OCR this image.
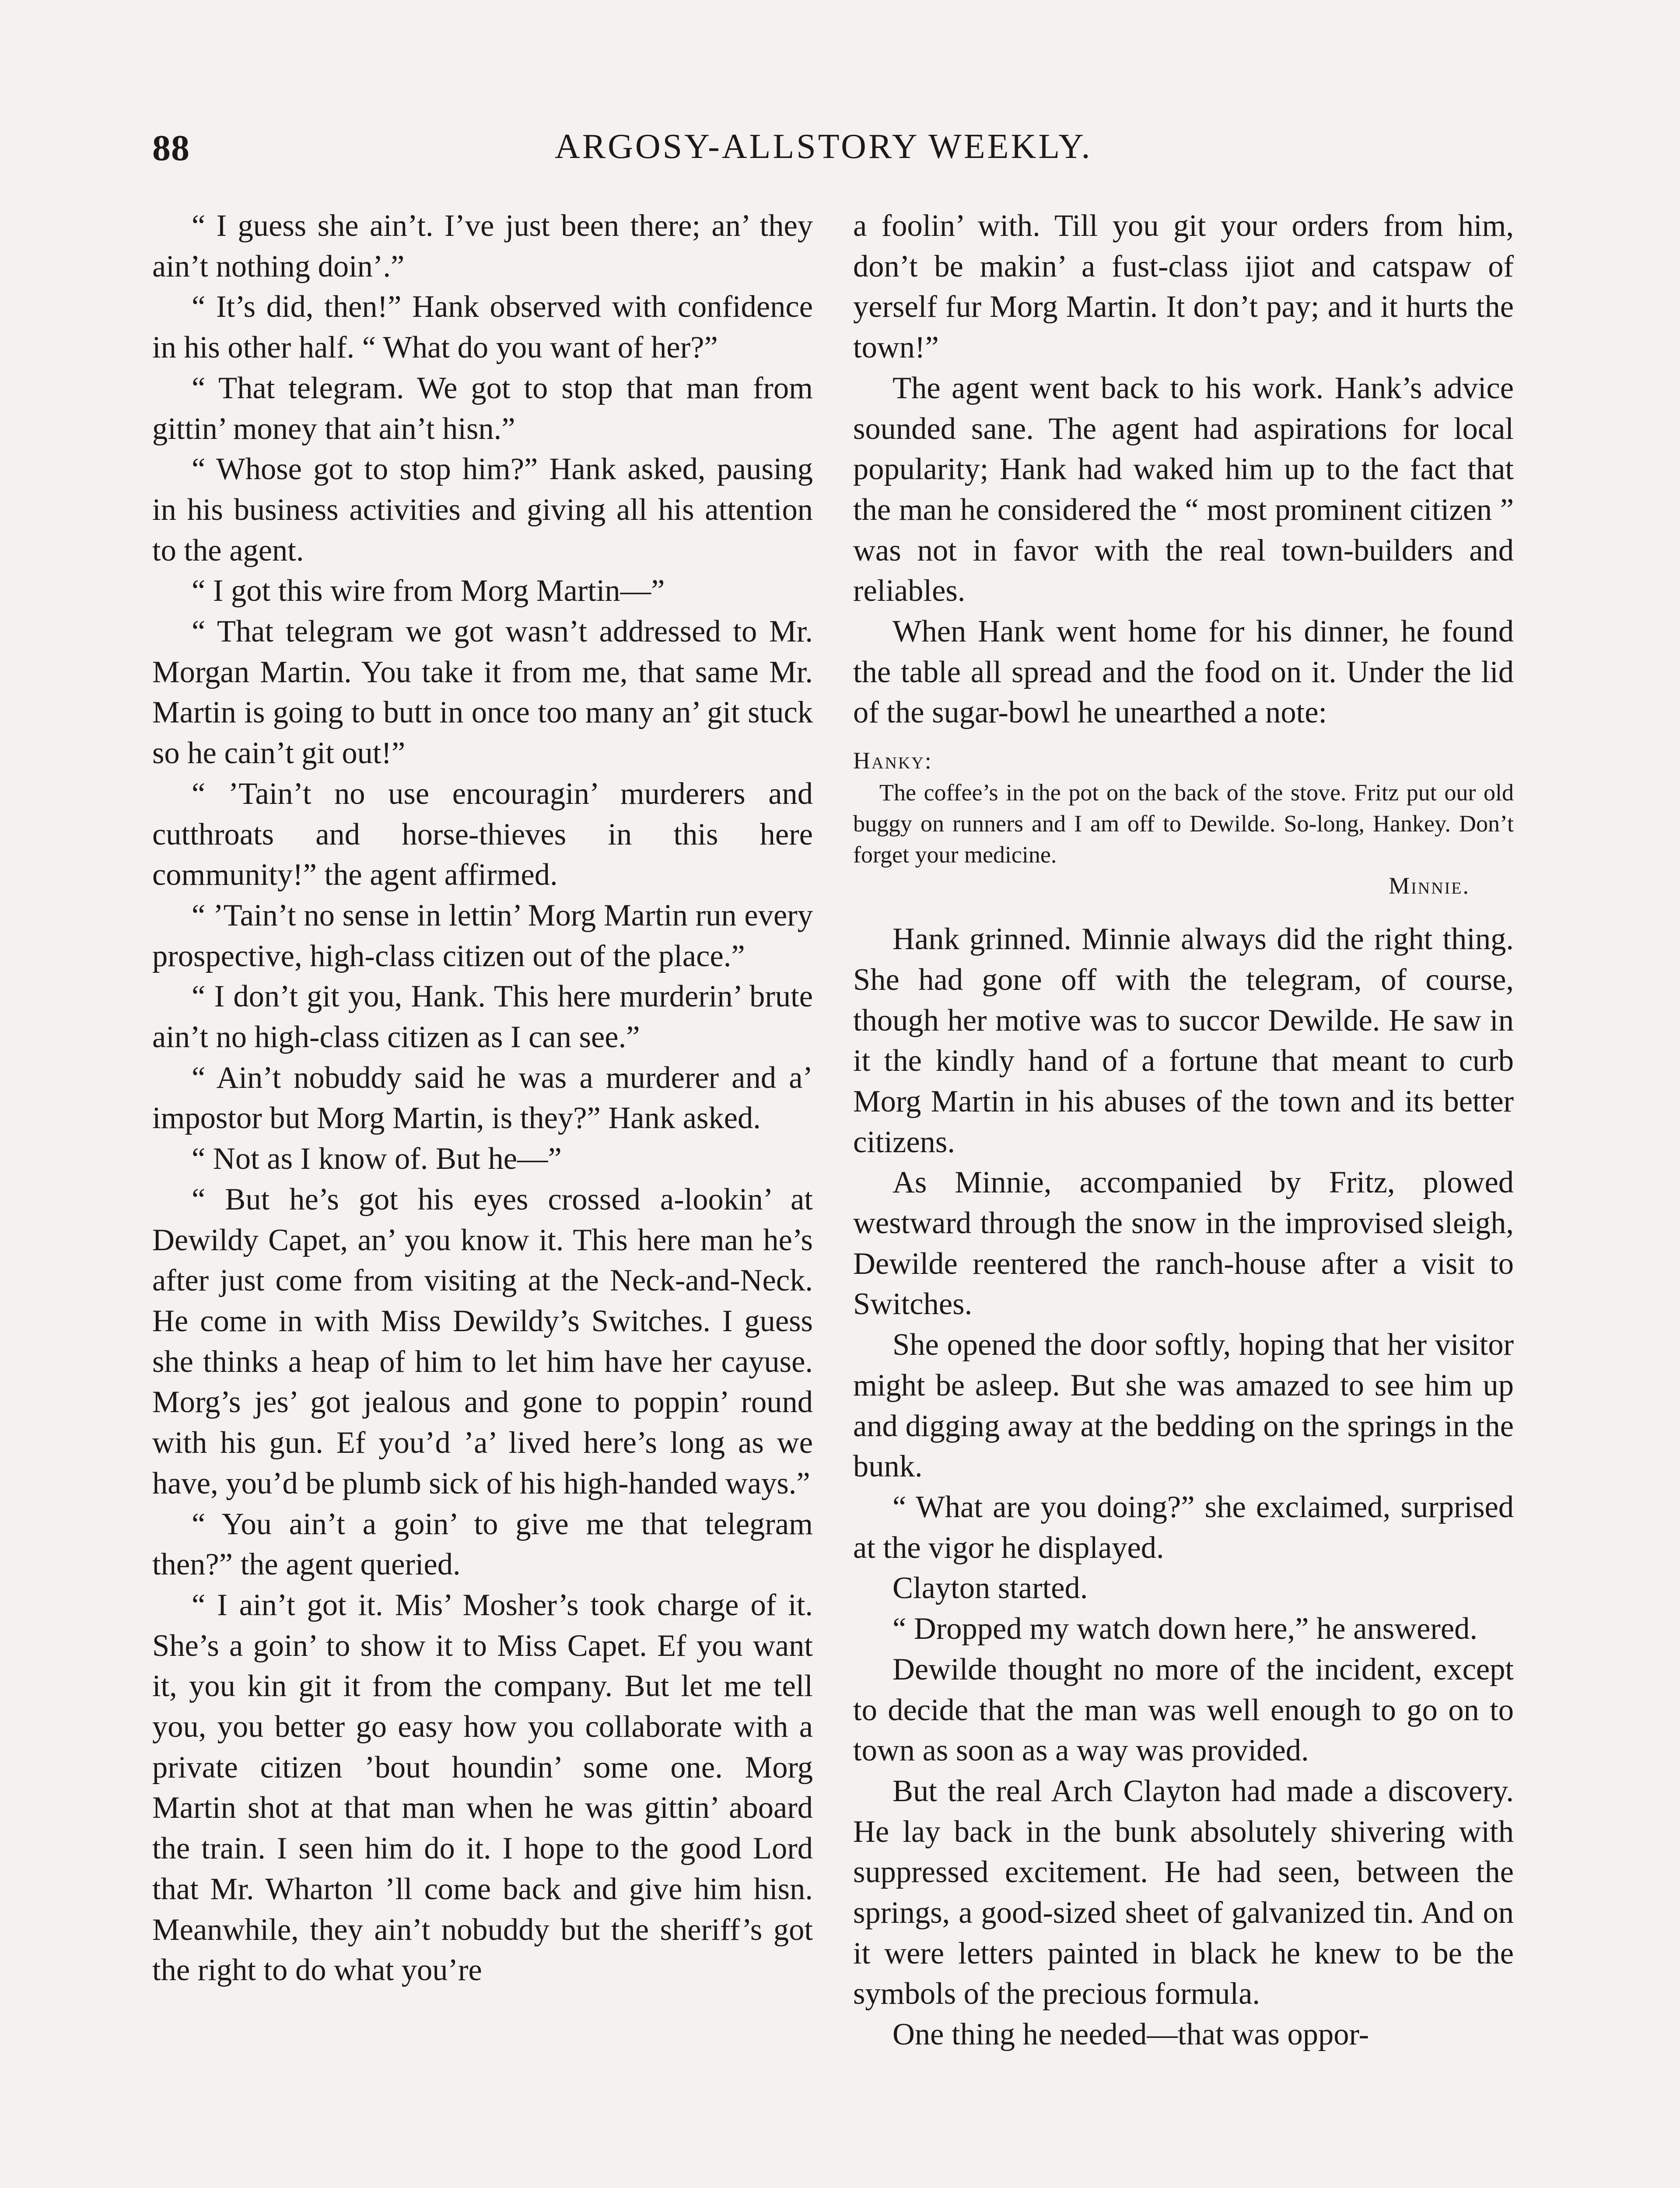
88	ARGOSY-ALLSTORY WEEKLY.

“ I guess she ain’t. I’ve just been there; an’ they ain’t nothing doin’.”

“ It’s did, then!” Hank observed with confidence in his other half. “ What do you want of her?”

“ That telegram. We got to stop that man from gittin’ money that ain’t hisn.”

“ Whose got to stop him?” Hank asked, pausing in his business activities and giving all his attention to the agent.

“ I got this wire from Morg Martin—”

“ That telegram we got wasn’t addressed to Mr. Morgan Martin. You take it from me, that same Mr. Martin is going to butt in once too many an’ git stuck so he cain’t git out!”

“ ’Tain’t no use encouragin’ murderers and cutthroats and horse-thieves in this here community!” the agent affirmed.

“ ’Tain’t no sense in lettin’ Morg Martin run every prospective, high-class citizen out of the place.”

“ I don’t git you, Hank. This here murderin’ brute ain’t no high-class citizen as I can see.”

“ Ain’t nobuddy said he was a murderer and a’ impostor but Morg Martin, is they?” Hank asked.

“ Not as I know of. But he—”

“ But he’s got his eyes crossed a-lookin’ at Dewildy Capet, an’ you know it. This here man he’s after just come from visiting at the Neck-and-Neck. He come in with Miss Dewildy’s Switches. I guess she thinks a heap of him to let him have her cayuse. Morg’s jes’ got jealous and gone to poppin’ round with his gun. Ef you’d ’a’ lived here’s long as we have, you’d be plumb sick of his high-handed ways.”

“ You ain’t a goin’ to give me that telegram then?” the agent queried.

“ I ain’t got it. Mis’ Mosher’s took charge of it. She’s a goin’ to show it to Miss Capet. Ef you want it, you kin git it from the company. But let me tell you, you better go easy how you collaborate with a private citizen ’bout houndin’ some one. Morg Martin shot at that man when he was gittin’ aboard the train. I seen him do it. I hope to the good Lord that Mr. Wharton ’ll come back and give him hisn. Meanwhile, they ain’t nobuddy but the sheriff’s got the right to do what you’re

a foolin’ with. Till you git your orders from him, don’t be makin’ a fust-class ijiot and catspaw of yerself fur Morg Martin. It don’t pay; and it hurts the town!”

The agent went back to his work. Hank’s advice sounded sane. The agent had aspirations for local popularity; Hank had waked him up to the fact that the man he considered the “ most prominent citizen ” was not in favor with the real town-builders and reliables.

When Hank went home for his dinner, he found the table all spread and the food on it. Under the lid of the sugar-bowl he unearthed a note:

Hanky:
The coffee’s in the pot on the back of the stove. Fritz put our old buggy on runners and I am off to Dewilde. So-long, Hankey. Don’t forget your medicine.
Minnie.

Hank grinned. Minnie always did the right thing. She had gone off with the telegram, of course, though her motive was to succor Dewilde. He saw in it the kindly hand of a fortune that meant to curb Morg Martin in his abuses of the town and its better citizens.

As Minnie, accompanied by Fritz, plowed westward through the snow in the improvised sleigh, Dewilde reentered the ranch-house after a visit to Switches.

She opened the door softly, hoping that her visitor might be asleep. But she was amazed to see him up and digging away at the bedding on the springs in the bunk.

“ What are you doing?” she exclaimed, surprised at the vigor he displayed.

Clayton started.

“ Dropped my watch down here,” he answered.

Dewilde thought no more of the incident, except to decide that the man was well enough to go on to town as soon as a way was provided.

But the real Arch Clayton had made a discovery. He lay back in the bunk absolutely shivering with suppressed excitement. He had seen, between the springs, a good-sized sheet of galvanized tin. And on it were letters painted in black he knew to be the symbols of the precious formula.

One thing he needed—that was oppor-
